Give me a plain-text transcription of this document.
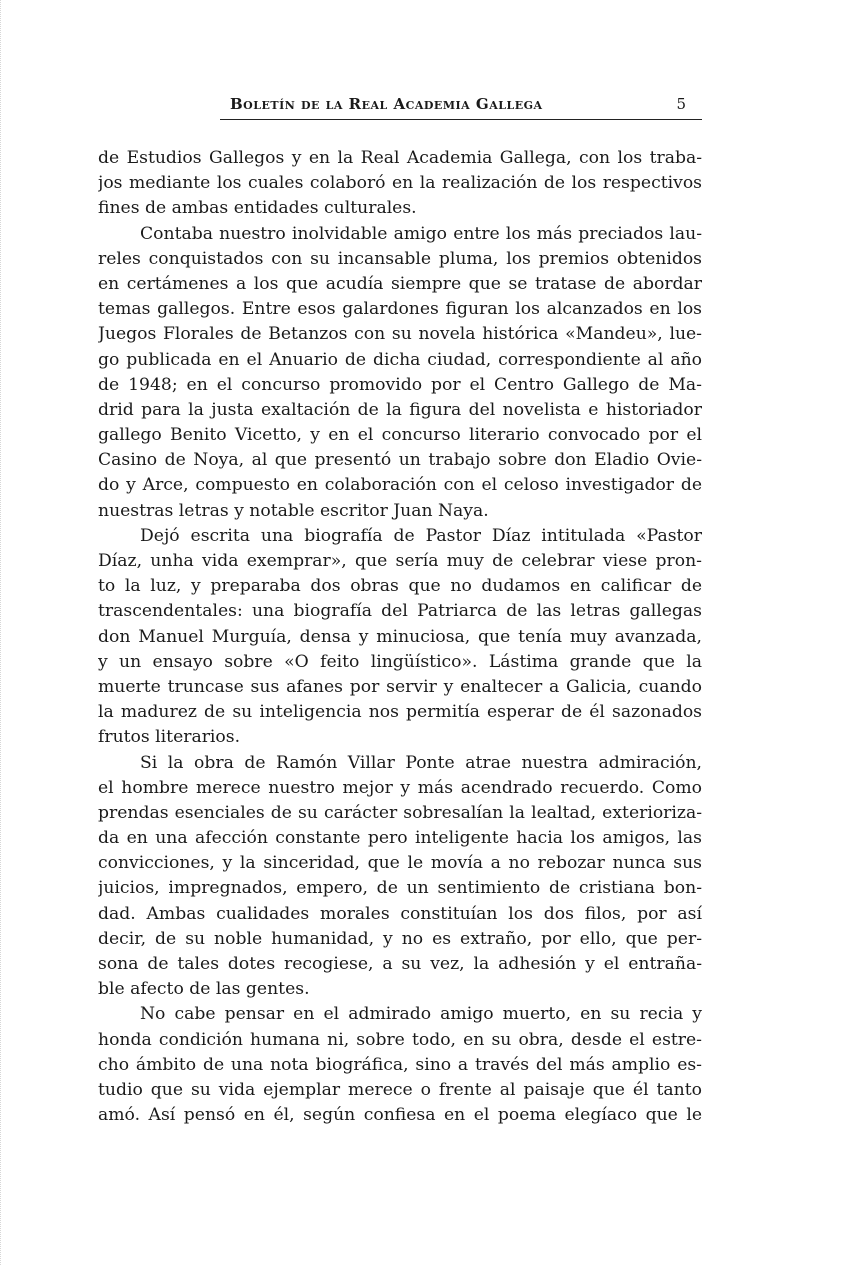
Boletín de la Real Academia Gallega	5
de Estudios Gallegos y en la Real Academia Gallega, con los traba-
jos mediante los cuales colaboró en la realización de los respectivos
fines de ambas entidades culturales.
Contaba nuestro inolvidable amigo entre los más preciados lau-
reles conquistados con su incansable pluma, los premios obtenidos
en certámenes a los que acudía siempre que se tratase de abordar
temas gallegos. Entre esos galardones figuran los alcanzados en los
Juegos Florales de Betanzos con su novela histórica «Mandeu», lue-
go publicada en el Anuario de dicha ciudad, correspondiente al año
de 1948; en el concurso promovido por el Centro Gallego de Ma-
drid para la justa exaltación de la figura del novelista e historiador
gallego Benito Vicetto, y en el concurso literario convocado por el
Casino de Noya, al que presentó un trabajo sobre don Eladio Ovie-
do y Arce, compuesto en colaboración con el celoso investigador de
nuestras letras y notable escritor Juan Naya.
Dejó escrita una biografía de Pastor Díaz intitulada «Pastor
Díaz, unha vida exemprar», que sería muy de celebrar viese pron-
to la luz, y preparaba dos obras que no dudamos en calificar de
trascendentales: una biografía del Patriarca de las letras gallegas
don Manuel Murguía, densa y minuciosa, que tenía muy avanzada,
y un ensayo sobre «O feito lingüístico». Lástima grande que la
muerte truncase sus afanes por servir y enaltecer a Galicia, cuando
la madurez de su inteligencia nos permitía esperar de él sazonados
frutos literarios.
Si la obra de Ramón Villar Ponte atrae nuestra admiración,
el hombre merece nuestro mejor y más acendrado recuerdo. Como
prendas esenciales de su carácter sobresalían la lealtad, exterioriza-
da en una afección constante pero inteligente hacia los amigos, las
convicciones, y la sinceridad, que le movía a no rebozar nunca sus
juicios, impregnados, empero, de un sentimiento de cristiana bon-
dad. Ambas cualidades morales constituían los dos filos, por así
decir, de su noble humanidad, y no es extraño, por ello, que per-
sona de tales dotes recogiese, a su vez, la adhesión y el entraña-
ble afecto de las gentes.
No cabe pensar en el admirado amigo muerto, en su recia y
honda condición humana ni, sobre todo, en su obra, desde el estre-
cho ámbito de una nota biográfica, sino a través del más amplio es-
tudio que su vida ejemplar merece o frente al paisaje que él tanto
amó. Así pensó en él, según confiesa en el poema elegíaco que le
